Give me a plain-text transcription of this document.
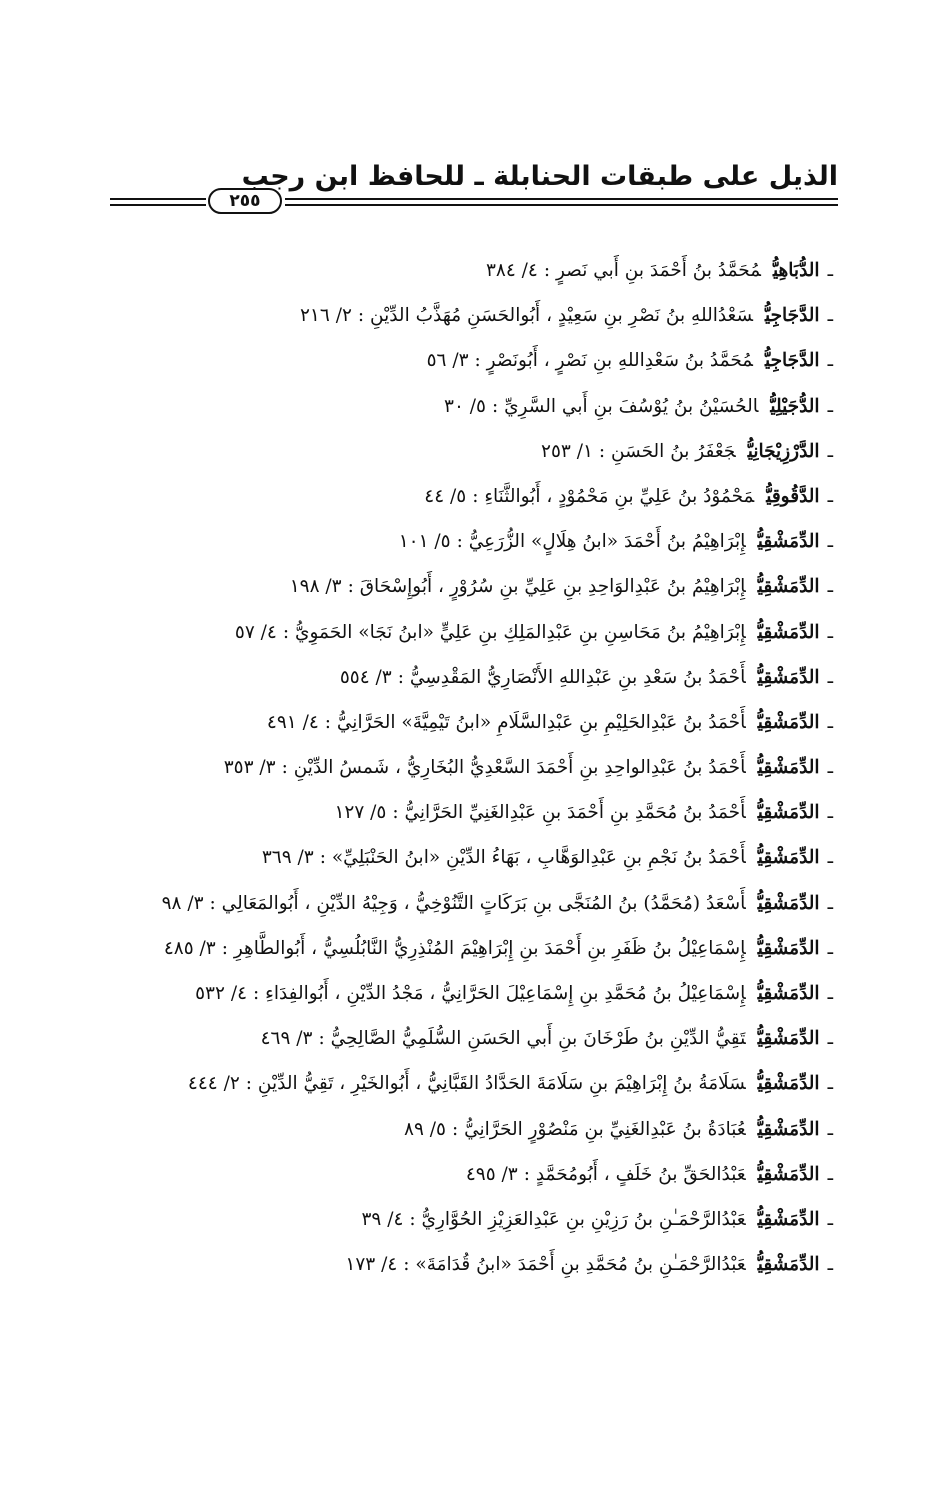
الذيل على طبقات الحنابلة ـ للحافظ ابن رجب
٢٥٥
ـالدُّبَاهِيُّمُحَمَّدُ بنُ أَحْمَدَ بنِ أَبي نَصرٍ :٤/ ٣٨٤
ـالدَّجَاجِيُّسَعْدُاللهِ بنُ نَصْرِ بنِ سَعِيْدٍ ، أَبُوالحَسَنِ مُهَذَّبُ الدِّيْنِ :٢/ ٢١٦
ـالدَّجَاجِيُّمُحَمَّدُ بنُ سَعْدِاللهِ بنِ نَصْرٍ ، أَبُونَصْرٍ :٣/ ٥٦
ـالدُّجَيْلِيُّالحُسَيْنُ بنُ يُوْسُفَ بنِ أَبي السَّرِيِّ :٥/ ٣٠
ـالدَّرْزِيْجَانِيُّجَعْفَرُ بنُ الحَسَنِ :١/ ٢٥٣
ـالدَّقُوقِيُّمَحْمُوْدُ بنُ عَلِيِّ بنِ مَحْمُوْدٍ ، أَبُوالثَّنَاءِ :٥/ ٤٤
ـالدِّمَشْقِيُّإِبْرَاهِيْمُ بنُ أَحْمَدَ «ابنُ هِلَالٍ» الزُّرَعِيُّ :٥/ ١٠١
ـالدِّمَشْقِيُّإِبْرَاهِيْمُ بنُ عَبْدِالوَاحِدِ بنِ عَلِيِّ بنِ سُرُوْرٍ ، أَبُوإِسْحَاقَ :٣/ ١٩٨
ـالدِّمَشْقِيُّإِبْرَاهِيْمُ بنُ مَحَاسِنِ بنِ عَبْدِالمَلِكِ بنِ عَلِيٍّ «ابنُ نَجَا» الحَمَوِيُّ :٤/ ٥٧
ـالدِّمَشْقِيُّأَحْمَدُ بنُ سَعْدِ بنِ عَبْدِاللهِ الأَنْصَارِيُّ المَقْدِسِيُّ :٣/ ٥٥٤
ـالدِّمَشْقِيُّأَحْمَدُ بنُ عَبْدِالحَلِيْمِ بنِ عَبْدِالسَّلَامِ «ابنُ تَيْمِيَّةَ» الحَرَّانِيُّ :٤/ ٤٩١
ـالدِّمَشْقِيُّأَحْمَدُ بنُ عَبْدِالواحِدِ بنِ أَحْمَدَ السَّعْدِيُّ البُخَارِيُّ ، شَمسُ الدِّيْنِ :٣/ ٣٥٣
ـالدِّمَشْقِيُّأَحْمَدُ بنُ مُحَمَّدِ بنِ أَحْمَدَ بنِ عَبْدِالغَنِيِّ الحَرَّانِيُّ :٥/ ١٢٧
ـالدِّمَشْقِيُّأَحْمَدُ بنُ نَجْمِ بنِ عَبْدِالوَهَّابِ ، بَهَاءُ الدِّيْنِ «ابنُ الحَنْبَلِيِّ» :٣/ ٣٦٩
ـالدِّمَشْقِيُّأَسْعَدُ (مُحَمَّدُ) بنُ المُنَجَّى بنِ بَرَكَاتٍ التَّنُوْخِيُّ ، وَجِيْهُ الدِّيْنِ ، أَبُوالمَعَالِي :٣/ ٩٨
ـالدِّمَشْقِيُّإِسْمَاعِيْلُ بنُ ظَفَرِ بنِ أَحْمَدَ بنِ إِبْرَاهِيْمَ المُنْذِرِيُّ النَّابُلُسِيُّ ، أَبُوالطَّاهِرِ :٣/ ٤٨٥
ـالدِّمَشْقِيُّإِسْمَاعِيْلُ بنُ مُحَمَّدِ بنِ إِسْمَاعِيْلَ الحَرَّانِيُّ ، مَجْدُ الدِّيْنِ ، أَبُوالفِدَاءِ :٤/ ٥٣٢
ـالدِّمَشْقِيُّتَقِيُّ الدِّيْنِ بنُ طَرْخَانَ بنِ أَبي الحَسَنِ السُّلَمِيُّ الصَّالِحِيُّ :٣/ ٤٦٩
ـالدِّمَشْقِيُّسَلَامَةُ بنُ إِبْرَاهِيْمَ بنِ سَلَامَةَ الحَدَّادُ القَبَّانِيُّ ، أَبُوالخَيْرِ ، تَقِيُّ الدِّيْنِ :٢/ ٤٤٤
ـالدِّمَشْقِيُّعُبَادَةُ بنُ عَبْدِالغَنِيِّ بنِ مَنْصُوْرٍ الحَرَّانِيُّ :٥/ ٨٩
ـالدِّمَشْقِيُّعَبْدُالحَقِّ بنُ خَلَفٍ ، أَبُومُحَمَّدٍ :٣/ ٤٩٥
ـالدِّمَشْقِيُّعَبْدُالرَّحْمَـٰنِ بنُ رَزِيْنِ بنِ عَبْدِالعَزِيْزِ الحُوَّارِيُّ :٤/ ٣٩
ـالدِّمَشْقِيُّعَبْدُالرَّحْمَـٰنِ بنُ مُحَمَّدِ بنِ أَحْمَدَ «ابنُ قُدَامَةَ» :٤/ ١٧٣
